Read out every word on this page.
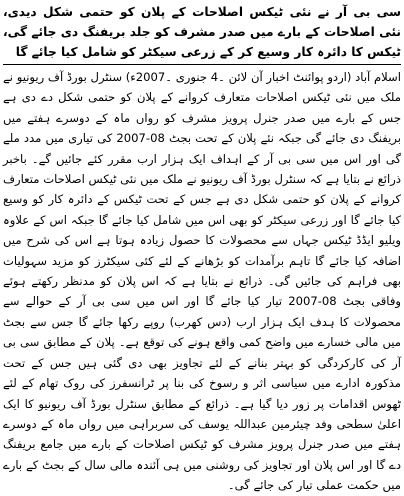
سی بی آر نے نئی ٹیکس اصلاحات کے پلان کو حتمی شکل دیدی، نئی اصلاحات کے بارے میں صدر مشرف کو جلد بریفنگ دی جائے گی، ٹیکس کا دائرہ کار وسیع کر کے زرعی سیکٹر کو شامل کیا جائے گا

اسلام آباد (اردو پوائنٹ اخبار آن لائن ۔4 جنوری ۔2007ء) سنٹرل بورڈ آف ریونیو نے ملک میں نئی ٹیکس اصلاحات متعارف کروانے کے پلان کو حتمی شکل دے دی ہے جس کے بارے میں صدر جنرل پرویز مشرف کو رواں ماہ کے دوسرے ہفتے میں بریفنگ دی جائے گی جبکہ نئے پلان کے تحت بجٹ 08-2007 کی تیاری میں مدد ملے گی اور اس میں سی بی آر کے اہداف ایک ہزار ارب مقرر کئے جائیں گے۔ باخبر ذرائع نے بتایا ہے کہ سنٹرل بورڈ آف ریونیو نے ملک میں نئی ٹیکس اصلاحات متعارف کروانے کے پلان کو حتمی شکل دی ہے جس کے تحت ٹیکس کے دائرہ کار کو وسیع کیا جائے گا اور زرعی سیکٹر کو بھی اس میں شامل کیا جائے گا جبکہ اس کے علاوہ ویلیو ایڈڈ ٹیکس جہاں سے محصولات کا حصول زیادہ ہوتا ہے اس کی شرح میں اضافہ کیا جائے گا تاہم برآمدات کو بڑھانے کے لئے کئی سیکٹرز کو مزید سہولیات بھی فراہم کی جائیں گی۔ ذرائع نے بتایا ہے کہ اس پلان کو مدنظر رکھتے ہوئے وفاقی بجٹ 08-2007 تیار کیا جائے گا اور اس میں سی بی آر کے حوالے سے محصولات کا ہدف ایک ہزار ارب (دس کھرب) روپے رکھا جائے گا جس سے بجٹ میں مالی خسارے میں واضح کمی واقع ہونے کی توقع ہے۔ پلان کے مطابق سی بی آر کی کارکردگی کو بہتر بنانے کے لئے تجاویز بھی دی گئی ہیں جس کے تحت مذکورہ ادارے میں سیاسی اثر و رسوخ کی بنا پر ٹرانسفرز کی روک تھام کے لئے ٹھوس اقدامات پر زور دیا گیا ہے۔ ذرائع کے مطابق سنٹرل بورڈ آف ریونیو کا ایک اعلیٰ سطحی وفد چیئرمین عبداللہ یوسف کی سربراہی میں رواں ماہ کے دوسرے ہفتے میں صدر جنرل پرویز مشرف کو ٹیکس اصلاحات کے بارے میں جامع بریفنگ دے گا اور اس پلان اور تجاویز کی روشنی میں ہی آئندہ مالی سال کے بجٹ کے بارے میں حکمت عملی تیار کی جائے گی۔
